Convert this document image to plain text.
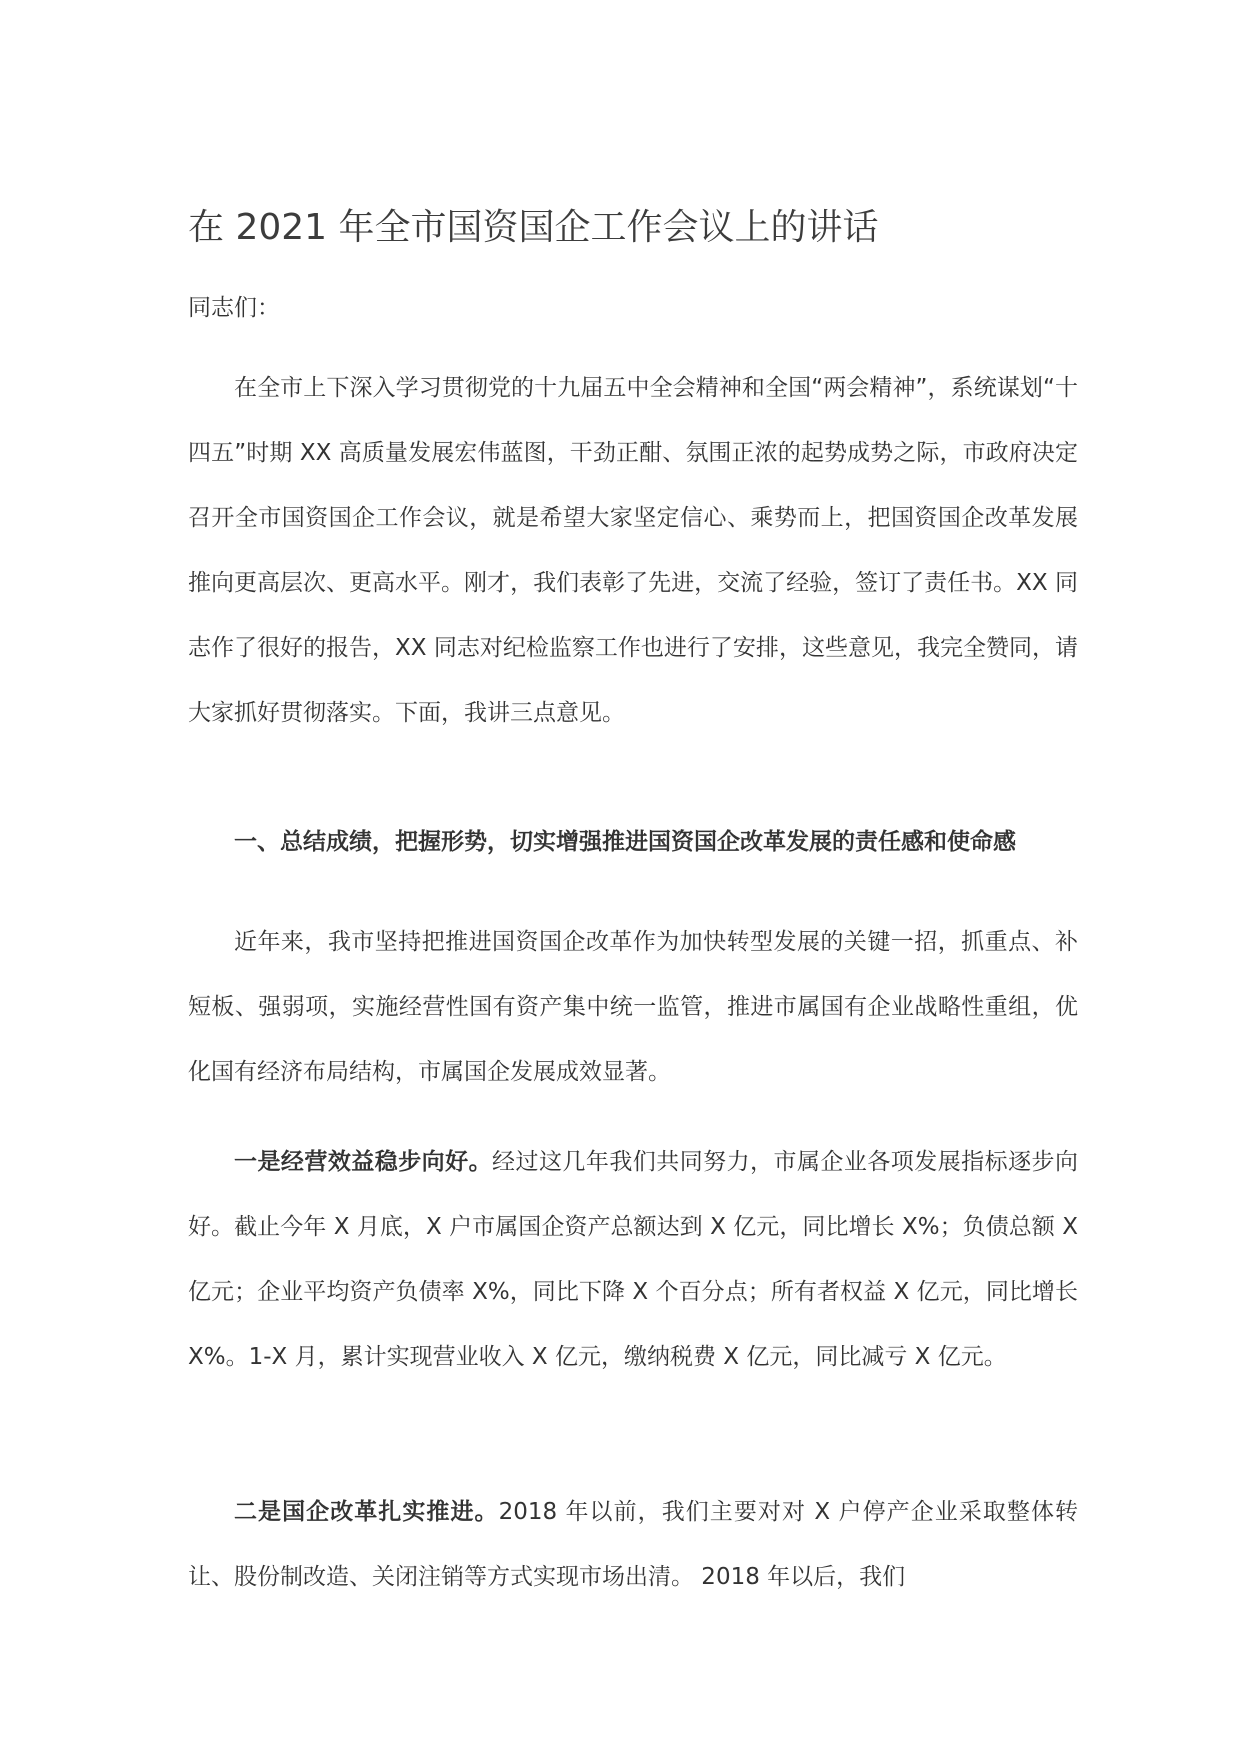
在 2021 年全市国资国企工作会议上的讲话

同志们：

在全市上下深入学习贯彻党的十九届五中全会精神和全国“两会精神”，系统谋划“十四五”时期 XX 高质量发展宏伟蓝图，干劲正酣、氛围正浓的起势成势之际，市政府决定召开全市国资国企工作会议，就是希望大家坚定信心、乘势而上，把国资国企改革发展推向更高层次、更高水平。刚才，我们表彰了先进，交流了经验，签订了责任书。XX 同志作了很好的报告，XX 同志对纪检监察工作也进行了安排，这些意见，我完全赞同，请大家抓好贯彻落实。下面，我讲三点意见。

一、总结成绩，把握形势，切实增强推进国资国企改革发展的责任感和使命感

近年来，我市坚持把推进国资国企改革作为加快转型发展的关键一招，抓重点、补短板、强弱项，实施经营性国有资产集中统一监管，推进市属国有企业战略性重组，优化国有经济布局结构，市属国企发展成效显著。

一是经营效益稳步向好。经过这几年我们共同努力，市属企业各项发展指标逐步向好。截止今年 X 月底，X 户市属国企资产总额达到 X 亿元，同比增长 X%；负债总额 X 亿元；企业平均资产负债率 X%，同比下降 X 个百分点；所有者权益 X 亿元，同比增长 X%。1-X 月，累计实现营业收入 X 亿元，缴纳税费 X 亿元，同比减亏 X 亿元。

二是国企改革扎实推进。2018 年以前，我们主要对对 X 户停产企业采取整体转让、股份制改造、关闭注销等方式实现市场出清。 2018 年以后，我们
